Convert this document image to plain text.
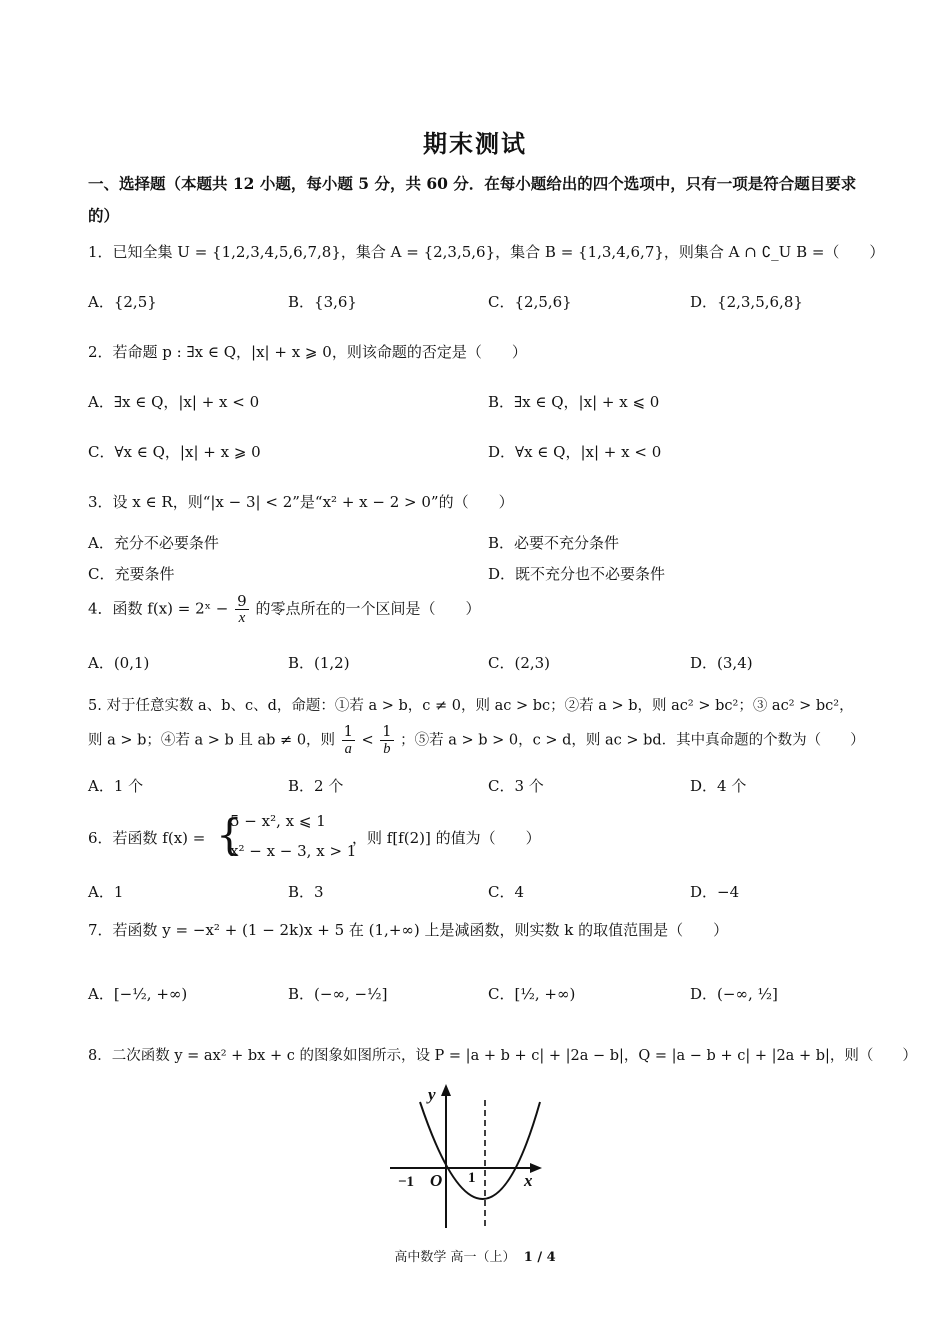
期末测试
一、选择题（本题共 12 小题，每小题 5 分，共 60 分．在每小题给出的四个选项中，只有一项是符合题目要求的）
1．已知全集 U = {1,2,3,4,5,6,7,8}，集合 A = {2,3,5,6}，集合 B = {1,3,4,6,7}，则集合 A ∩ ∁_U B =（　　）
A．{2,5}	B．{3,6}	C．{2,5,6}	D．{2,3,5,6,8}
2．若命题 p : ∃x ∈ Q，|x| + x ⩾ 0，则该命题的否定是（　　）
A．∃x ∈ Q，|x| + x < 0	B．∃x ∈ Q，|x| + x ⩽ 0
C．∀x ∈ Q，|x| + x ⩾ 0	D．∀x ∈ Q，|x| + x < 0
3．设 x ∈ R，则“|x − 3| < 2”是“x² + x − 2 > 0”的（　　）
A．充分不必要条件	B．必要不充分条件
C．充要条件	D．既不充分也不必要条件
4．函数 f(x) = 2ˣ − $\frac{9}{x}$ 的零点所在的一个区间是（　　）
A．(0,1)	B．(1,2)	C．(2,3)	D．(3,4)
5. 对于任意实数 a、b、c、d，命题：①若 a > b，c ≠ 0，则 ac > bc；②若 a > b，则 ac² > bc²；③ ac² > bc²，
则 a > b；④若 a > b 且 ab ≠ 0，则 $\frac{1}{a} < \frac{1}{b}$ ；⑤若 a > b > 0，c > d，则 ac > bd．其中真命题的个数为（　　）
A．1 个	B．2 个	C．3 个	D．4 个
6．若函数 f(x) = {
5 − x², x ⩽ 1
x² − x − 3, x > 1
，则 f[f(2)] 的值为（　　）
A．1	B．3	C．4	D．−4
7．若函数 y = −x² + (1 − 2k)x + 5 在 (1,+∞) 上是减函数，则实数 k 的取值范围是（　　）
A．[−½, +∞)	B．(−∞, −½]	C．[½, +∞)	D．(−∞, ½]
8．二次函数 y = ax² + bx + c 的图象如图所示，设 P = |a + b + c| + |2a − b|，Q = |a − b + c| + |2a + b|，则（　　）
y
x
O
−1	1
高中数学 高一（上） 1 / 4
